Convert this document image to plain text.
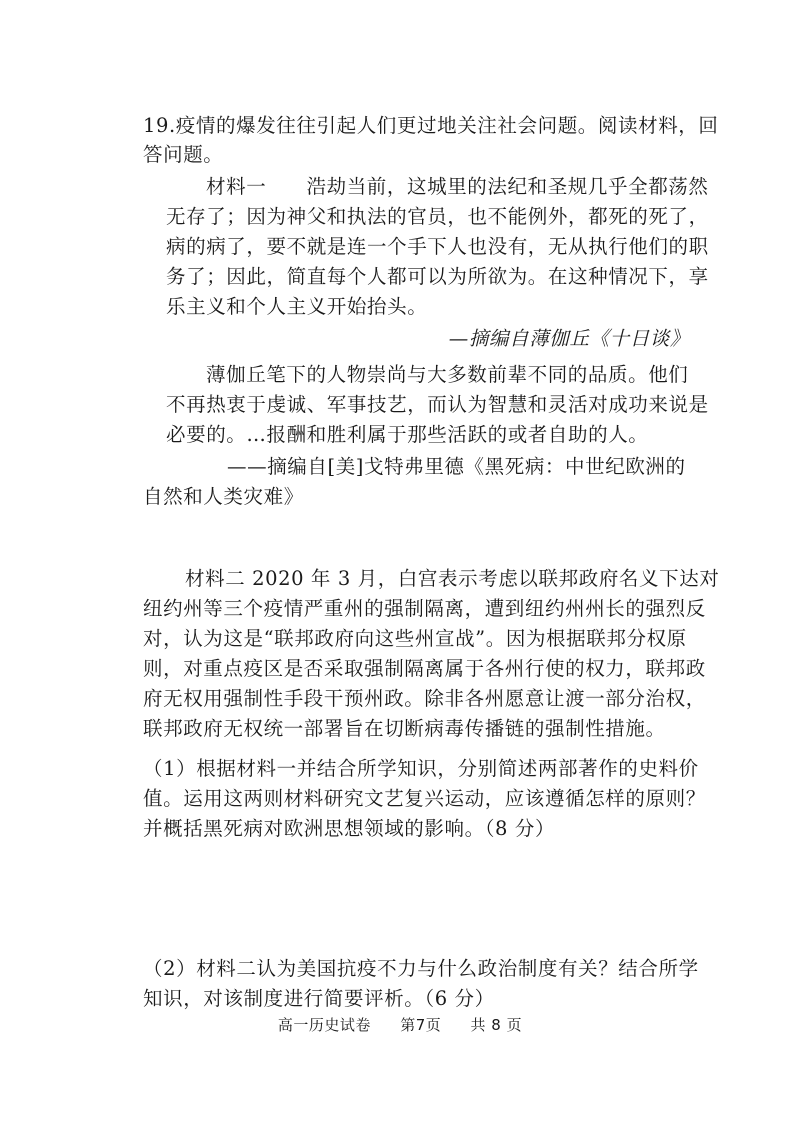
19.疫情的爆发往往引起人们更过地关注社会问题。阅读材料，回
答问题。
材料一　　浩劫当前，这城里的法纪和圣规几乎全都荡然
无存了；因为神父和执法的官员，也不能例外，都死的死了，
病的病了，要不就是连一个手下人也没有，无从执行他们的职
务了；因此，简直每个人都可以为所欲为。在这种情况下，享
乐主义和个人主义开始抬头。
—摘编自薄伽丘《十日谈》
薄伽丘笔下的人物崇尚与大多数前辈不同的品质。他们
不再热衷于虔诚、军事技艺，而认为智慧和灵活对成功来说是
必要的。…报酬和胜利属于那些活跃的或者自助的人。
——摘编自[美]戈特弗里德《黑死病：中世纪欧洲的
自然和人类灾难》
材料二 2020 年 3 月，白宫表示考虑以联邦政府名义下达对
纽约州等三个疫情严重州的强制隔离，遭到纽约州州长的强烈反
对，认为这是“联邦政府向这些州宣战”。因为根据联邦分权原
则，对重点疫区是否采取强制隔离属于各州行使的权力，联邦政
府无权用强制性手段干预州政。除非各州愿意让渡一部分治权，
联邦政府无权统一部署旨在切断病毒传播链的强制性措施。
（1）根据材料一并结合所学知识，分别简述两部著作的史料价
值。运用这两则材料研究文艺复兴运动，应该遵循怎样的原则？
并概括黑死病对欧洲思想领域的影响。（8 分）
（2）材料二认为美国抗疫不力与什么政治制度有关？结合所学
知识，对该制度进行简要评析。（6 分）
高一历史试卷 第7页 共 8 页
